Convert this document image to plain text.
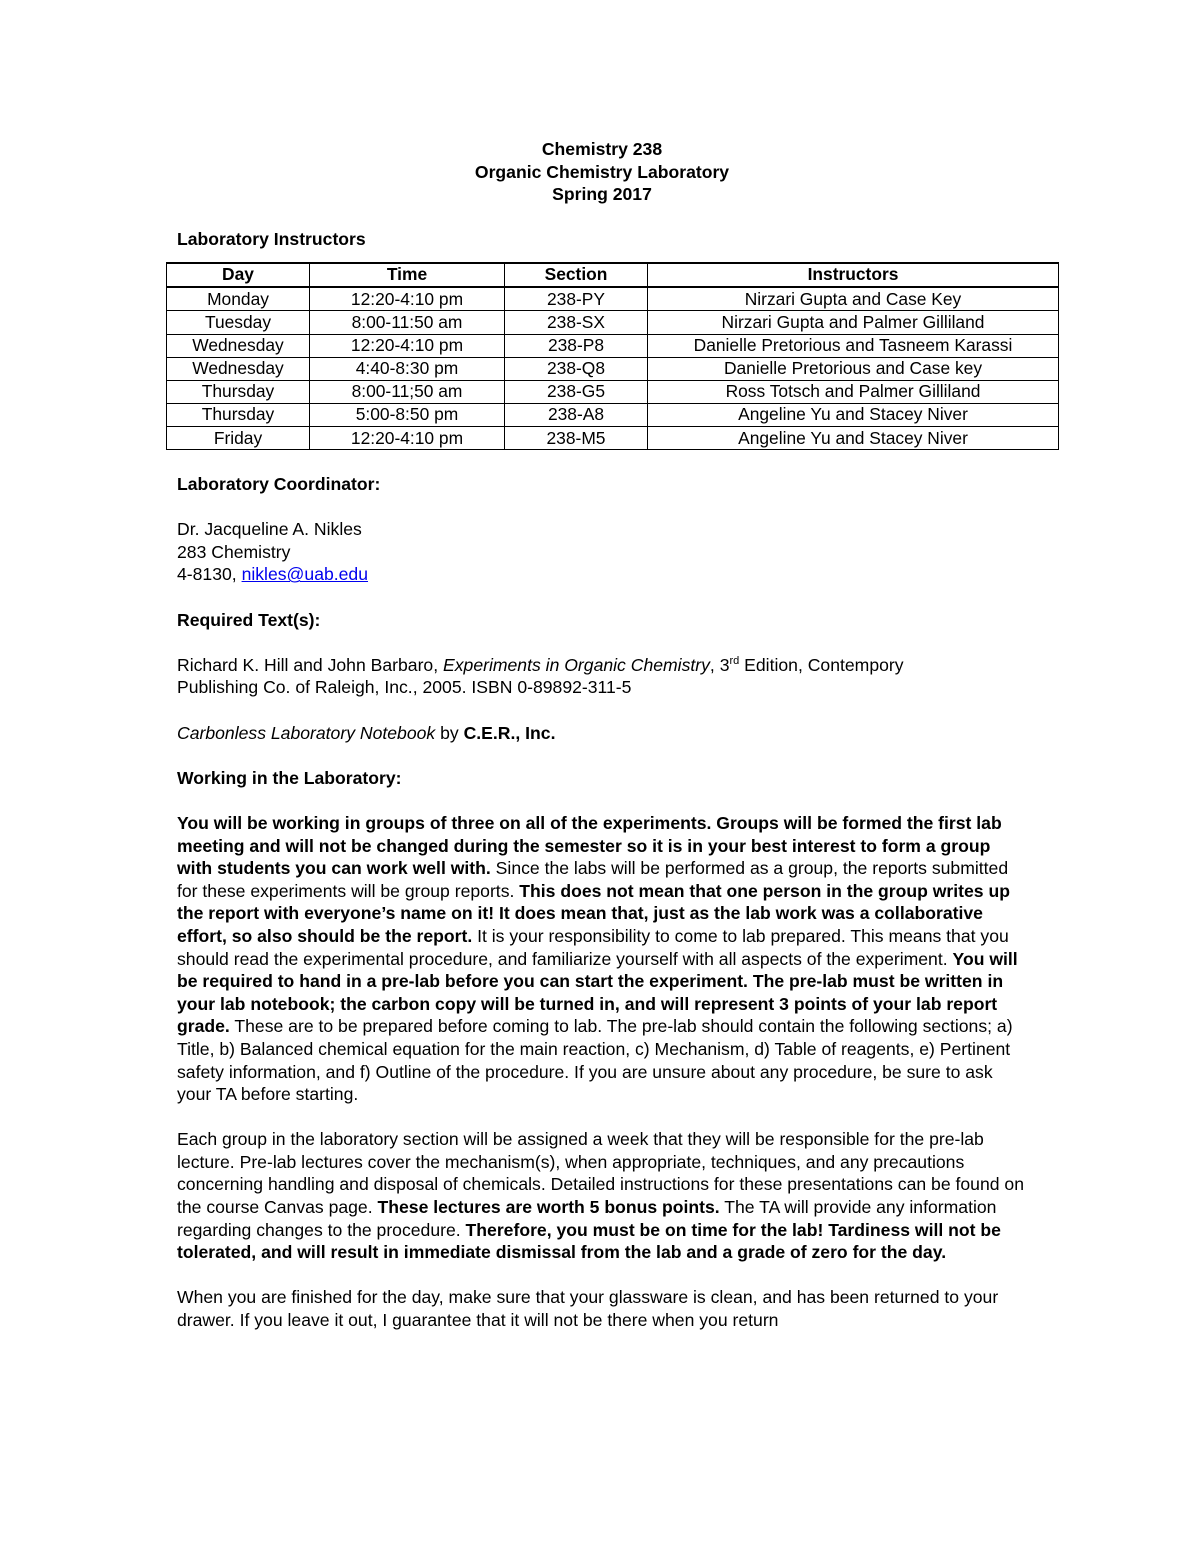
Chemistry 238
Organic Chemistry Laboratory
Spring 2017

Laboratory Instructors

Day	Time	Section	Instructors
Monday	12:20-4:10 pm	238-PY	Nirzari Gupta and Case Key
Tuesday	8:00-11:50 am	238-SX	Nirzari Gupta and Palmer Gilliland
Wednesday	12:20-4:10 pm	238-P8	Danielle Pretorious and Tasneem Karassi
Wednesday	4:40-8:30 pm	238-Q8	Danielle Pretorious and Case key
Thursday	8:00-11;50 am	238-G5	Ross Totsch and Palmer Gilliland
Thursday	5:00-8:50 pm	238-A8	Angeline Yu and Stacey Niver
Friday	12:20-4:10 pm	238-M5	Angeline Yu and Stacey Niver

Laboratory Coordinator:

Dr. Jacqueline A. Nikles

283 Chemistry

4-8130, nikles@uab.edu

Required Text(s):

Richard K. Hill and John Barbaro, Experiments in Organic Chemistry, 3rd Edition, Contempory
Publishing Co. of Raleigh, Inc., 2005. ISBN 0-89892-311-5

Carbonless Laboratory Notebook by C.E.R., Inc.

Working in the Laboratory:

You will be working in groups of three on all of the experiments. Groups will be formed the first lab meeting and will not be changed during the semester so it is in your best interest to form a group with students you can work well with. Since the labs will be performed as a group, the reports submitted for these experiments will be group reports. This does not mean that one person in the group writes up the report with everyone’s name on it! It does mean that, just as the lab work was a collaborative effort, so also should be the report. It is your responsibility to come to lab prepared. This means that you should read the experimental procedure, and familiarize yourself with all aspects of the experiment. You will be required to hand in a pre-lab before you can start the experiment. The pre-lab must be written in your lab notebook; the carbon copy will be turned in, and will represent 3 points of your lab report grade. These are to be prepared before coming to lab. The pre-lab should contain the following sections; a) Title, b) Balanced chemical equation for the main reaction, c) Mechanism, d) Table of reagents, e) Pertinent safety information, and f) Outline of the procedure. If you are unsure about any procedure, be sure to ask your TA before starting.

Each group in the laboratory section will be assigned a week that they will be responsible for the pre-lab lecture. Pre-lab lectures cover the mechanism(s), when appropriate, techniques, and any precautions concerning handling and disposal of chemicals. Detailed instructions for these presentations can be found on the course Canvas page. These lectures are worth 5 bonus points. The TA will provide any information regarding changes to the procedure. Therefore, you must be on time for the lab! Tardiness will not be tolerated, and will result in immediate dismissal from the lab and a grade of zero for the day.

When you are finished for the day, make sure that your glassware is clean, and has been returned to your drawer. If you leave it out, I guarantee that it will not be there when you return
